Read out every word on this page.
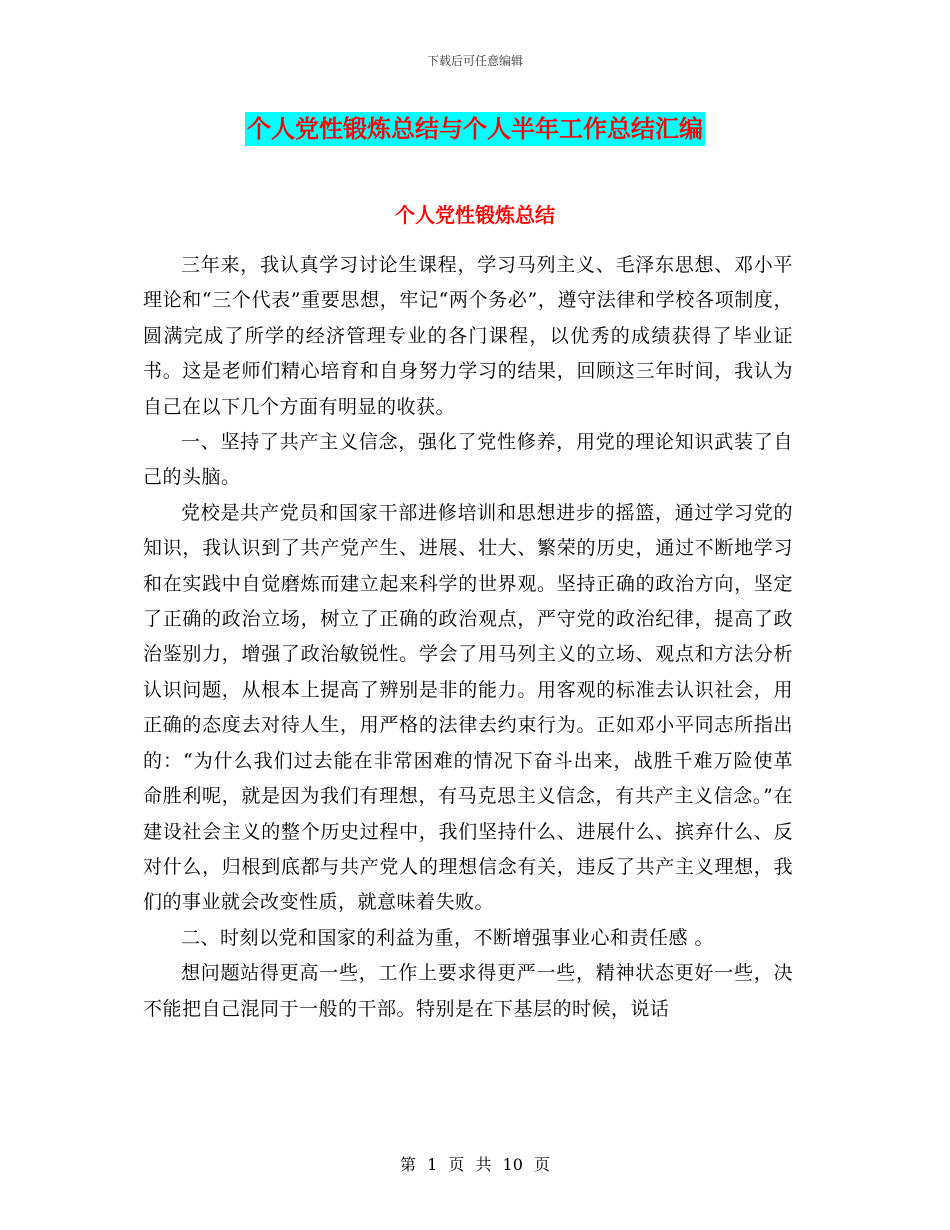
下载后可任意编辑
个人党性锻炼总结与个人半年工作总结汇编
个人党性锻炼总结

三年来，我认真学习讨论生课程，学习马列主义、毛泽东思想、邓小平理论和“三个代表”重要思想，牢记“两个务必”，遵守法律和学校各项制度，圆满完成了所学的经济管理专业的各门课程，以优秀的成绩获得了毕业证书。这是老师们精心培育和自身努力学习的结果，回顾这三年时间，我认为自己在以下几个方面有明显的收获。

一、坚持了共产主义信念，强化了党性修养，用党的理论知识武装了自己的头脑。

党校是共产党员和国家干部进修培训和思想进步的摇篮，通过学习党的知识，我认识到了共产党产生、进展、壮大、繁荣的历史，通过不断地学习和在实践中自觉磨炼而建立起来科学的世界观。坚持正确的政治方向，坚定了正确的政治立场，树立了正确的政治观点，严守党的政治纪律，提高了政治鉴别力，增强了政治敏锐性。学会了用马列主义的立场、观点和方法分析认识问题，从根本上提高了辨别是非的能力。用客观的标准去认识社会，用正确的态度去对待人生，用严格的法律去约束行为。正如邓小平同志所指出的：“为什么我们过去能在非常困难的情况下奋斗出来，战胜千难万险使革命胜利呢，就是因为我们有理想，有马克思主义信念，有共产主义信念。”在建设社会主义的整个历史过程中，我们坚持什么、进展什么、摈弃什么、反对什么，归根到底都与共产党人的理想信念有关，违反了共产主义理想，我们的事业就会改变性质，就意味着失败。

二、时刻以党和国家的利益为重，不断增强事业心和责任感 。

想问题站得更高一些，工作上要求得更严一些，精神状态更好一些，决不能把自己混同于一般的干部。特别是在下基层的时候，说话

第 1 页 共 10 页
